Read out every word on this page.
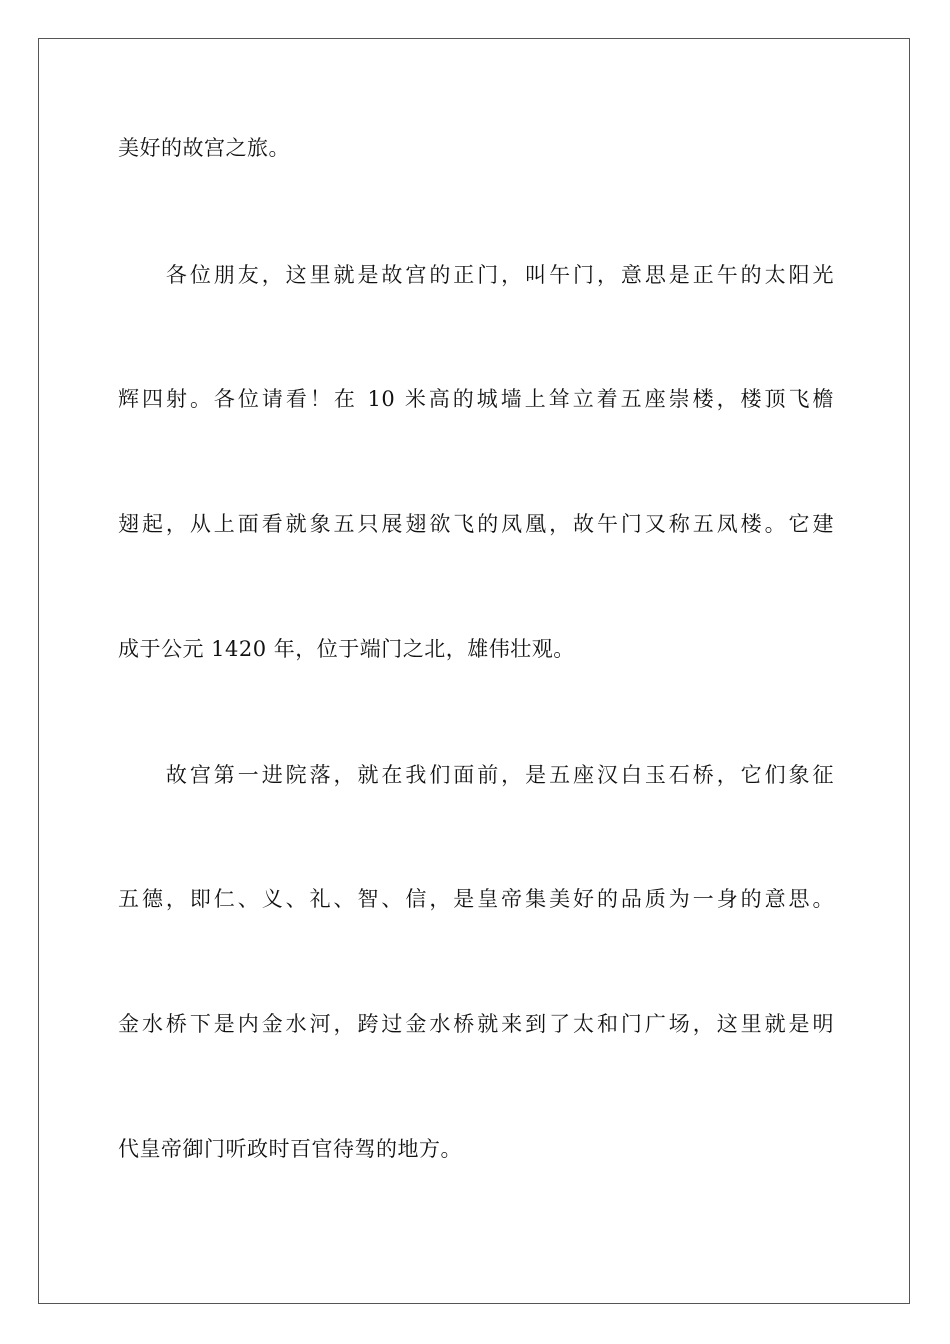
美好的故宫之旅。
　　各位朋友，这里就是故宫的正门，叫午门，意思是正午的太阳光
辉四射。各位请看！在 10 米高的城墙上耸立着五座崇楼，楼顶飞檐
翅起，从上面看就象五只展翅欲飞的凤凰，故午门又称五凤楼。它建
成于公元 1420 年，位于端门之北，雄伟壮观。
　　故宫第一进院落，就在我们面前，是五座汉白玉石桥，它们象征
五德，即仁、义、礼、智、信，是皇帝集美好的品质为一身的意思。
金水桥下是内金水河，跨过金水桥就来到了太和门广场，这里就是明
代皇帝御门听政时百官待驾的地方。
